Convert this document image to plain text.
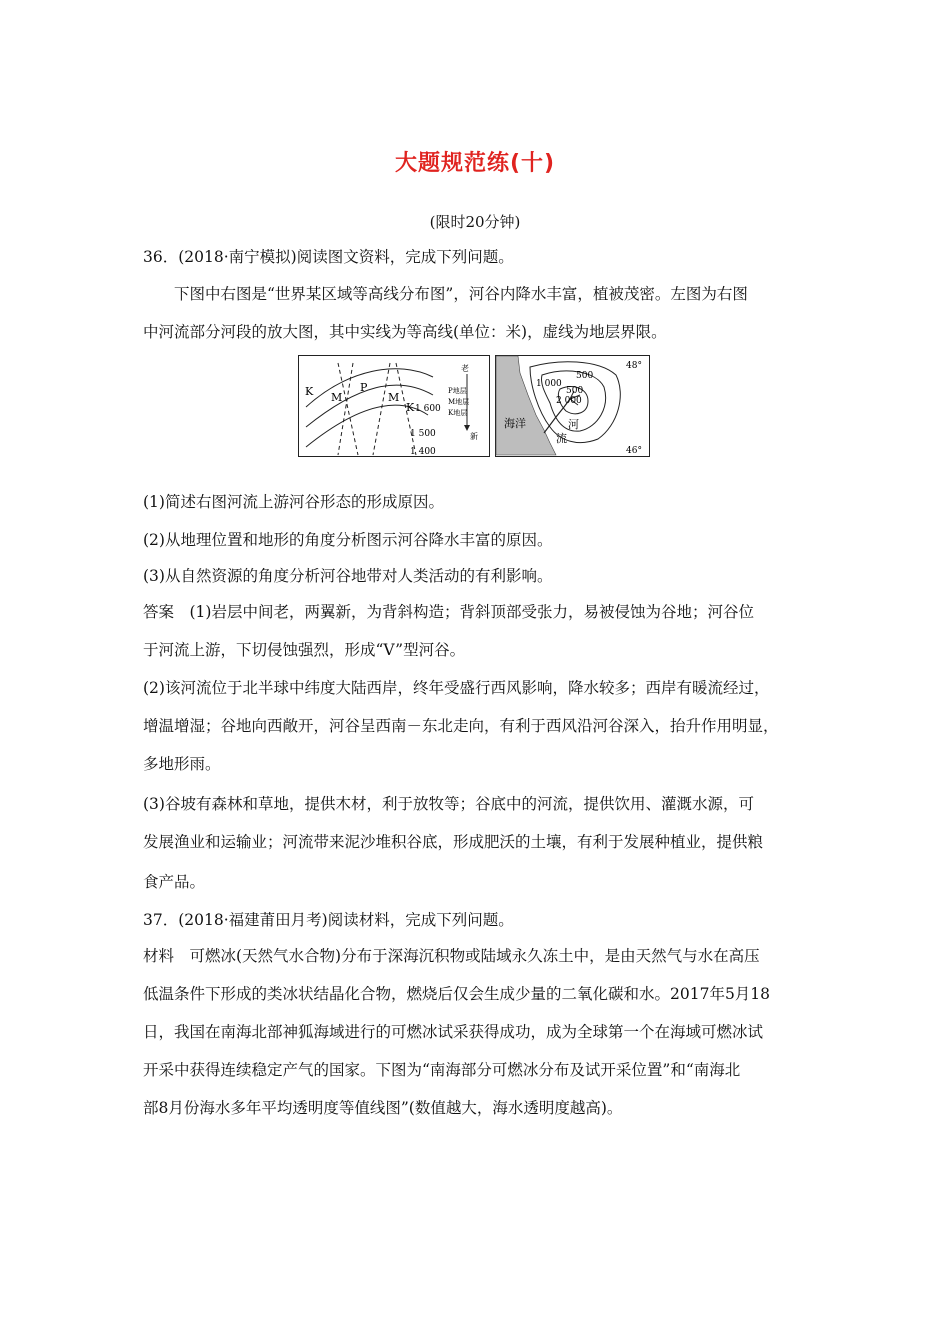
大题规范练(十)
(限时20分钟)
36．(2018·南宁模拟)阅读图文资料，完成下列问题。
下图中右图是“世界某区域等高线分布图”，河谷内降水丰富，植被茂密。左图为右图
中河流部分河段的放大图，其中实线为等高线(单位：米)，虚线为地层界限。
K M
P
M
K 1 600
1 500
1 400
老
P地层
M地层
K地层
新
海洋	河
流
500
1 000
500
2 000
48°
46°
(1)简述右图河流上游河谷形态的形成原因。
(2)从地理位置和地形的角度分析图示河谷降水丰富的原因。
(3)从自然资源的角度分析河谷地带对人类活动的有利影响。
答案　(1)岩层中间老，两翼新，为背斜构造；背斜顶部受张力，易被侵蚀为谷地；河谷位
于河流上游，下切侵蚀强烈，形成“V”型河谷。
(2)该河流位于北半球中纬度大陆西岸，终年受盛行西风影响，降水较多；西岸有暖流经过，
增温增湿；谷地向西敞开，河谷呈西南－东北走向，有利于西风沿河谷深入，抬升作用明显，
多地形雨。
(3)谷坡有森林和草地，提供木材，利于放牧等；谷底中的河流，提供饮用、灌溉水源，可
发展渔业和运输业；河流带来泥沙堆积谷底，形成肥沃的土壤，有利于发展种植业，提供粮
食产品。
37．(2018·福建莆田月考)阅读材料，完成下列问题。
材料　可燃冰(天然气水合物)分布于深海沉积物或陆域永久冻土中，是由天然气与水在高压
低温条件下形成的类冰状结晶化合物，燃烧后仅会生成少量的二氧化碳和水。2017年5月18
日，我国在南海北部神狐海域进行的可燃冰试采获得成功，成为全球第一个在海域可燃冰试
开采中获得连续稳定产气的国家。下图为“南海部分可燃冰分布及试开采位置”和“南海北
部8月份海水多年平均透明度等值线图”(数值越大，海水透明度越高)。
